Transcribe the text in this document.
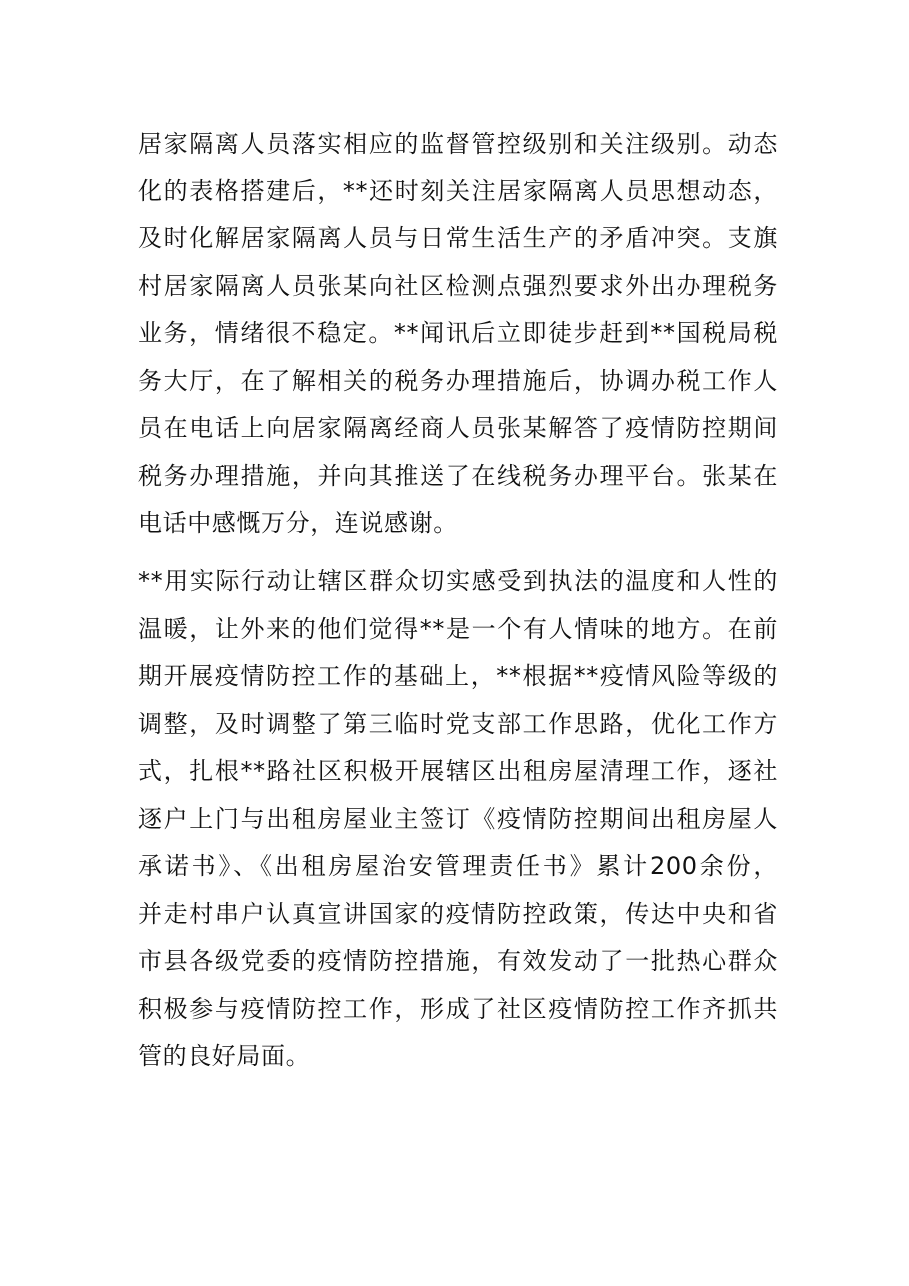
居家隔离人员落实相应的监督管控级别和关注级别。动态
化的表格搭建后，**还时刻关注居家隔离人员思想动态，
及时化解居家隔离人员与日常生活生产的矛盾冲突。支旗
村居家隔离人员张某向社区检测点强烈要求外出办理税务
业务，情绪很不稳定。**闻讯后立即徒步赶到**国税局税
务大厅，在了解相关的税务办理措施后，协调办税工作人
员在电话上向居家隔离经商人员张某解答了疫情防控期间
税务办理措施，并向其推送了在线税务办理平台。张某在
电话中感慨万分，连说感谢。
**用实际行动让辖区群众切实感受到执法的温度和人性的
温暖，让外来的他们觉得**是一个有人情味的地方。在前
期开展疫情防控工作的基础上，**根据**疫情风险等级的
调整，及时调整了第三临时党支部工作思路，优化工作方
式，扎根**路社区积极开展辖区出租房屋清理工作，逐社
逐户上门与出租房屋业主签订《疫情防控期间出租房屋人
承诺书》、《出租房屋治安管理责任书》累计200余份，
并走村串户认真宣讲国家的疫情防控政策，传达中央和省
市县各级党委的疫情防控措施，有效发动了一批热心群众
积极参与疫情防控工作，形成了社区疫情防控工作齐抓共
管的良好局面。
